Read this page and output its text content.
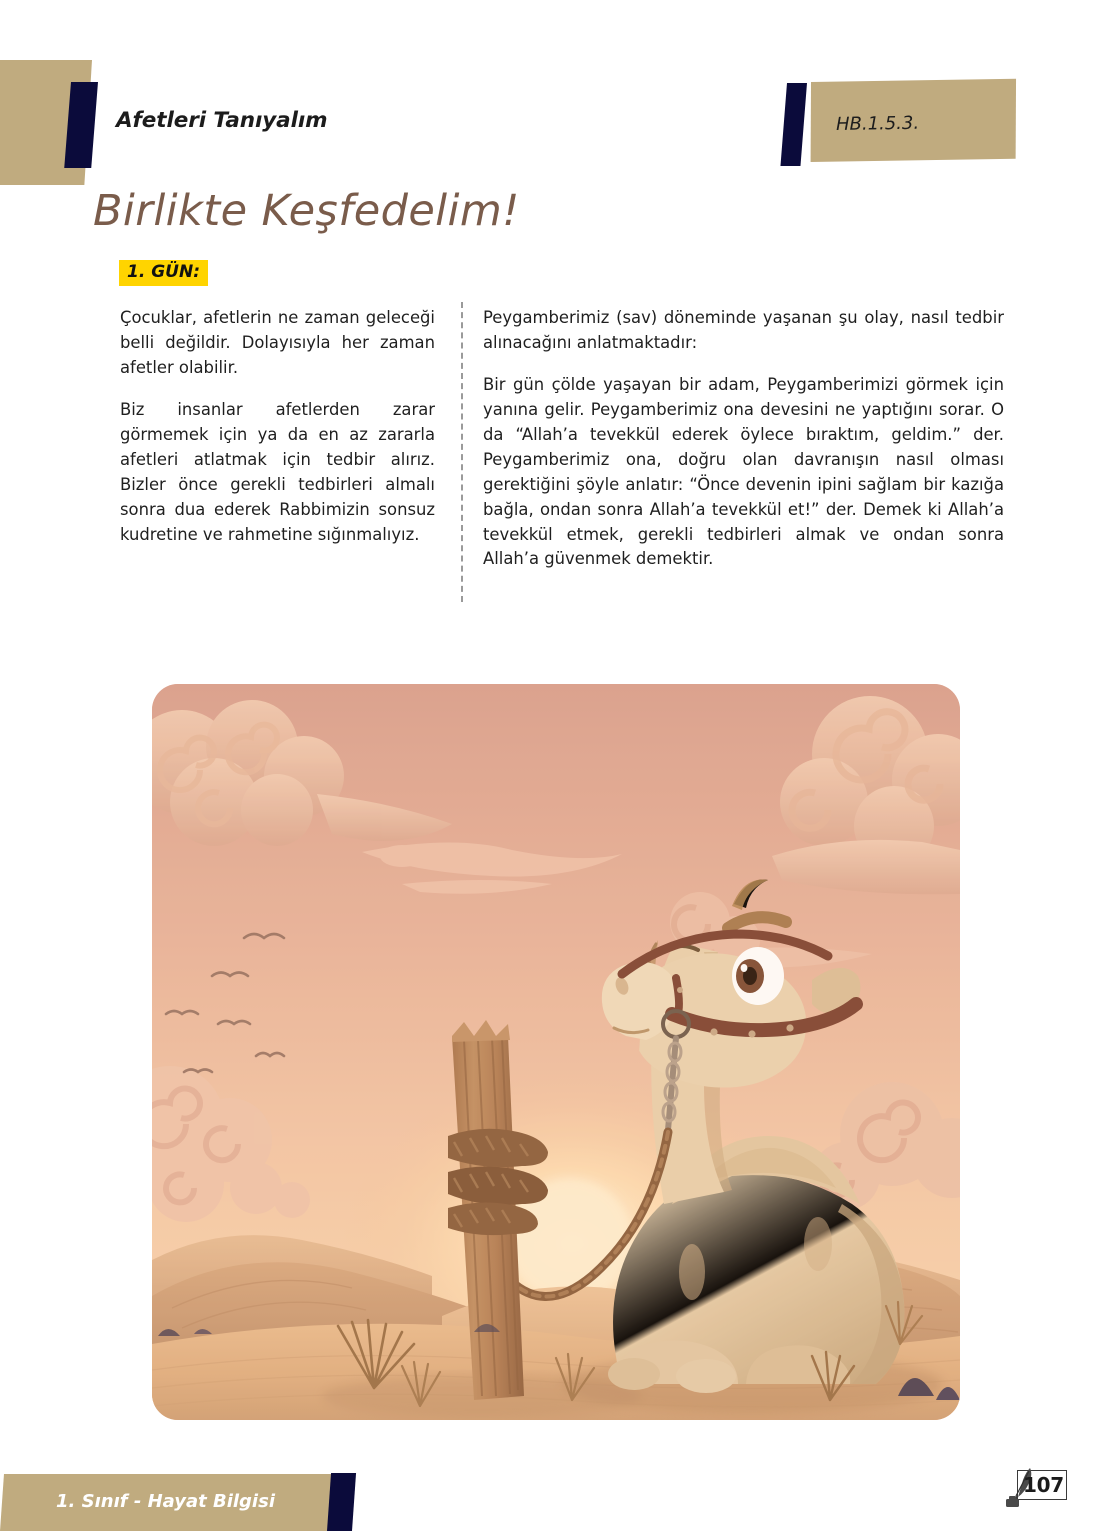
Afetleri Tanıyalım	HB.1.5.3.
Birlikte Keşfedelim!
1. GÜN:

Çocuklar, afetlerin ne zaman geleceği belli değildir. Dolayısıyla her zaman afetler olabilir.

Biz insanlar afetlerden zarar görmemek için ya da en az zararla afetleri atlatmak için tedbir alırız. Bizler önce gerekli tedbirleri almalı sonra dua ederek Rabbimizin sonsuz kudretine ve rahmetine sığınmalıyız.

Peygamberimiz (sav) döneminde yaşanan şu olay, nasıl tedbir alınacağını anlatmaktadır:

Bir gün çölde yaşayan bir adam, Peygamberimizi görmek için yanına gelir. Peygamberimiz ona devesini ne yaptığını sorar. O da “Allah’a tevekkül ederek öylece bıraktım, geldim.” der. Peygamberimiz ona, doğru olan davranışın nasıl olması gerektiğini şöyle anlatır: “Önce devenin ipini sağlam bir kazığa bağla, ondan sonra Allah’a tevekkül et!” der. Demek ki Allah’a tevekkül etmek, gerekli tedbirleri almak ve ondan sonra Allah’a güvenmek demektir.

1. Sınıf - Hayat Bilgisi
107
